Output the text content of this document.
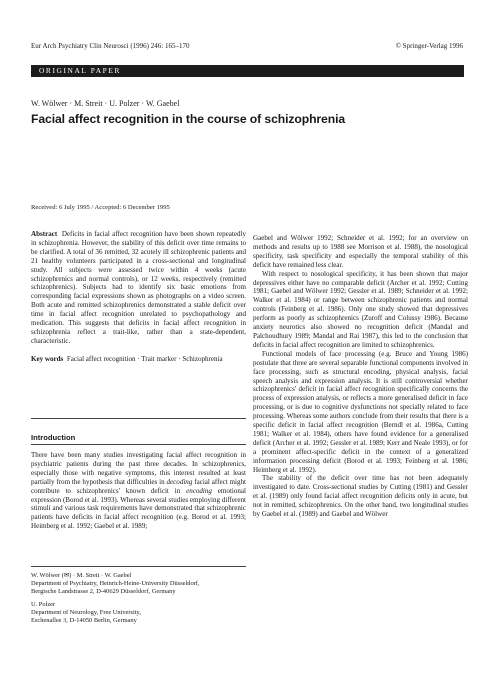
Eur Arch Psychiatry Clin Neurosci (1996) 246: 165–170	© Springer-Verlag 1996
ORIGINAL PAPER
W. Wölwer · M. Streit · U. Polzer · W. Gaebel
Facial affect recognition in the course of schizophrenia
Received: 6 July 1995 / Accepted: 6 December 1995

Abstract Deficits in facial affect recognition have been shown repeatedly in schizophrenia. However, the stability of this deficit over time remains to be clarified. A total of 36 remitted, 32 acutely ill schizophrenic patients and 21 healthy volunteers participated in a cross-sectional and longitudinal study. All subjects were assessed twice within 4 weeks (acute schizophrenics and normal controls), or 12 weeks, respectively (remitted schizophrenics). Subjects had to identify six basic emotions from corresponding facial expressions shown as photographs on a video screen. Both acute and remitted schizophrenics demonstrated a stable deficit over time in facial affect recognition unrelated to psychopathology and medication. This suggests that deficits in facial affect recognition in schizophrenia reflect a trait-like, rather than a state-dependent, characteristic.

Key words Facial affect recognition · Trait marker · Schizophrenia

Introduction

There have been many studies investigating facial affect recognition in psychiatric patients during the past three decades. In schizophrenics, especially those with negative symptoms, this interest resulted at least partially from the hypothesis that difficulties in decoding facial affect might contribute to schizophrenics' known deficit in encoding emotional expression (Borod et al. 1993). Whereas several studies employing different stimuli and various task requirements have demonstrated that schizophrenic patients have deficits in facial affect recognition (e.g. Borod et al. 1993; Heimberg et al. 1992; Gaebel et al. 1989;

W. Wölwer (✉) · M. Streit · W. Gaebel

Department of Psychiatry, Heinrich-Heine-University Düsseldorf,

Bergische Landstrasse 2, D-40629 Düsseldorf, Germany

U. Polzer

Department of Neurology, Free University,

Eschenallee 3, D-14050 Berlin, Germany

Gaebel and Wölwer 1992; Schneider et al. 1992; for an overview on methods and results up to 1988 see Morrison et al. 1988), the nosological specificity, task specificity and especially the temporal stability of this deficit have remained less clear.

With respect to nosological specificity, it has been shown that major depressives either have no comparable deficit (Archer et al. 1992; Cutting 1981; Gaebel and Wölwer 1992; Gessler et al. 1989; Schneider et al. 1992; Walker et al. 1984) or range between schizophrenic patients and normal controls (Feinberg et al. 1986). Only one study showed that depressives perform as poorly as schizophrenics (Zuroff and Colussy 1986). Because anxiety neurotics also showed no recognition deficit (Mandal and Palchoudhury 1989; Mandal and Rai 1987), this led to the conclusion that deficits in facial affect recognition are limited to schizophrenics.

Functional models of face processing (e.g. Bruce and Young 1986) postulate that three are several separable functional components involved in face processing, such as structural encoding, physical analysis, facial speech analysis and expression analysis. It is still controversial whether schizophrenics' deficit in facial affect recognition specifically concerns the process of expression analysis, or reflects a more generalised deficit in face processing, or is due to cognitive dysfunctions not specially related to face processing. Whereas some authors conclude from their results that there is a specific deficit in facial affect recognition (Berndl et al. 1986a, Cutting 1981; Walker et al. 1984), others have found evidence for a generalised deficit (Archer et al. 1992; Gessler et al. 1989; Kerr and Neale 1993), or for a prominent affect-specific deficit in the context of a generalized information processing deficit (Borod et al. 1993; Feinberg et al. 1986; Heimberg et al. 1992).

The stability of the deficit over time has not been adequately investigated to date. Cross-sectional studies by Cutting (1981) and Gessler et al. (1989) only found facial affect recognition deficits only in acute, but not in remitted, schizophrenics. On the other hand, two longitudinal studies by Gaebel et al. (1989) and Gaebel and Wölwer
